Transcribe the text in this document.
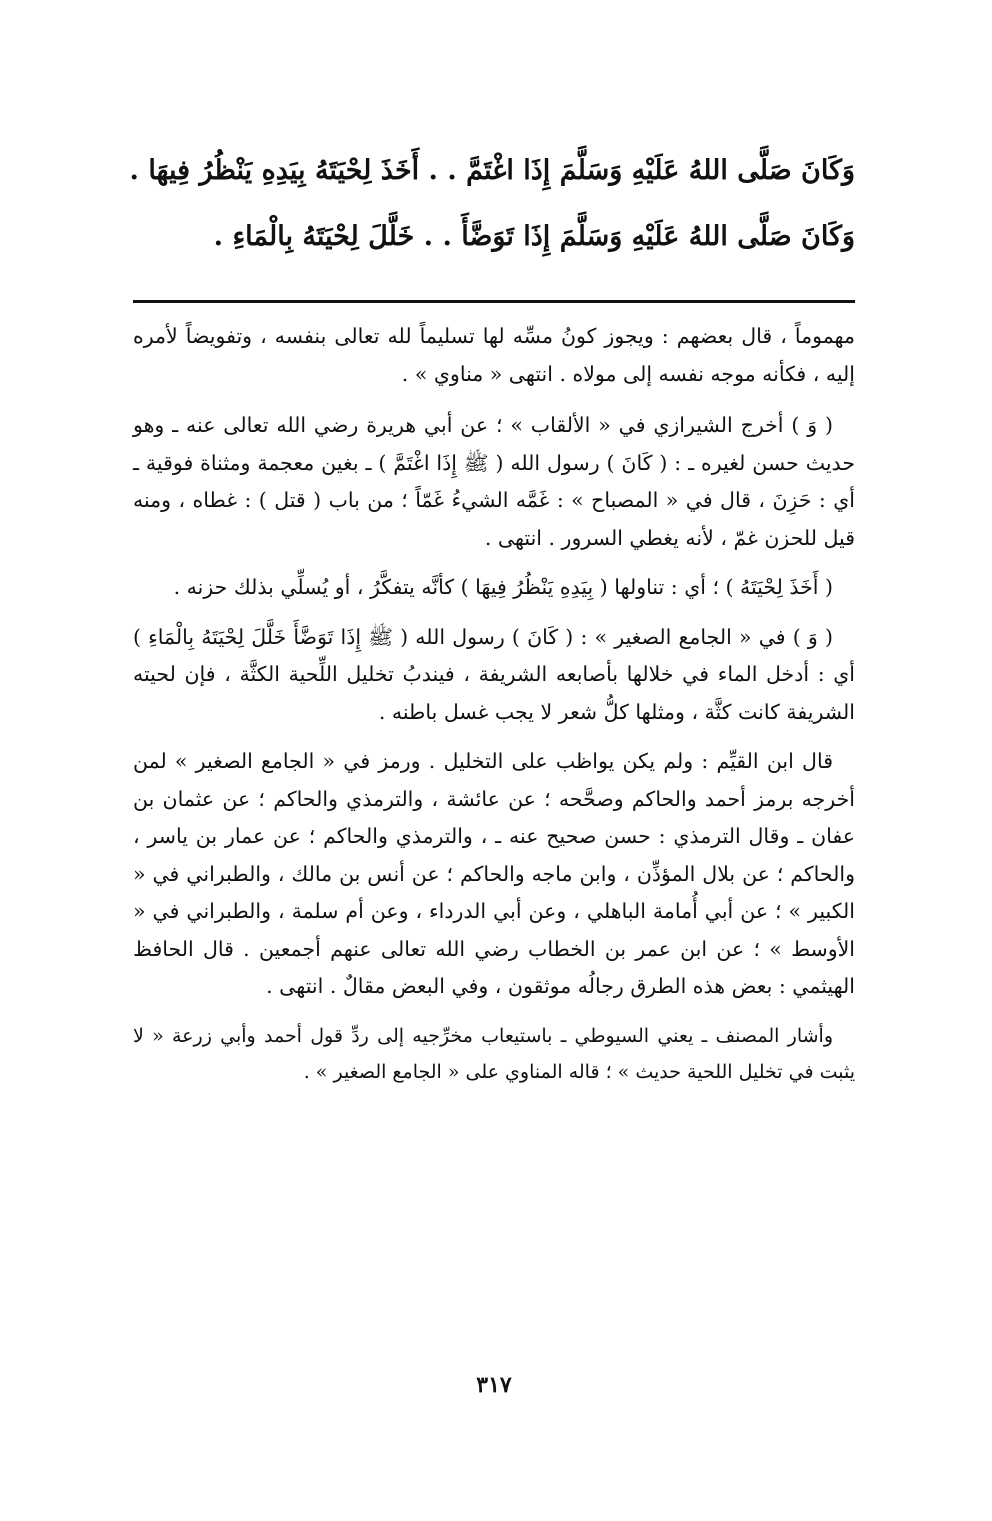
وَكَانَ صَلَّى اللهُ عَلَيْهِ وَسَلَّمَ إِذَا اغْتَمَّ . . أَخَذَ لِحْيَتَهُ بِيَدِهِ يَنْظُرُ فِيهَا .
وَكَانَ صَلَّى اللهُ عَلَيْهِ وَسَلَّمَ إِذَا تَوَضَّأَ . . خَلَّلَ لِحْيَتَهُ بِالْمَاءِ .

مهموماً ، قال بعضهم : ويجوز كونُ مسِّه لها تسليماً لله تعالى بنفسه ، وتفويضاً لأمره إليه ، فكأنه موجه نفسه إلى مولاه . انتهى « مناوي » .

( وَ ) أخرج الشيرازي في « الألقاب » ؛ عن أبي هريرة رضي الله تعالى عنه ـ وهو حديث حسن لغيره ـ : ( كَانَ ) رسول الله ( ﷺ إِذَا اغْتَمَّ ) ـ بغين معجمة ومثناة فوقية ـ أي : حَزِنَ ، قال في « المصباح » : غَمَّه الشيءُ غَمّاً ؛ من باب ( قتل ) : غطاه ، ومنه قيل للحزن غمّ ، لأنه يغطي السرور . انتهى .

( أَخَذَ لِحْيَتَهُ ) ؛ أي : تناولها ( بِيَدِهِ يَنْظُرُ فِيهَا ) كأنَّه يتفكَّرُ ، أو يُسلِّي بذلك حزنه .

( وَ ) في « الجامع الصغير » : ( كَانَ ) رسول الله ( ﷺ إِذَا تَوَضَّأَ خَلَّلَ لِحْيَتَهُ بِالْمَاءِ ) أي : أدخل الماء في خلالها بأصابعه الشريفة ، فيندبُ تخليل اللِّحية الكثَّة ، فإن لحيته الشريفة كانت كثَّة ، ومثلها كلُّ شعر لا يجب غسل باطنه .

قال ابن القيِّم : ولم يكن يواظب على التخليل . ورمز في « الجامع الصغير » لمن أخرجه برمز أحمد والحاكم وصحَّحه ؛ عن عائشة ، والترمذي والحاكم ؛ عن عثمان بن عفان ـ وقال الترمذي : حسن صحيح عنه ـ ، والترمذي والحاكم ؛ عن عمار بن ياسر ، والحاكم ؛ عن بلال المؤذِّن ، وابن ماجه والحاكم ؛ عن أنس بن مالك ، والطبراني في « الكبير » ؛ عن أبي أُمامة الباهلي ، وعن أبي الدرداء ، وعن أم سلمة ، والطبراني في « الأوسط » ؛ عن ابن عمر بن الخطاب رضي الله تعالى عنهم أجمعين . قال الحافظ الهيثمي : بعض هذه الطرق رجالُه موثقون ، وفي البعض مقالٌ . انتهى .

وأشار المصنف ـ يعني السيوطي ـ باستيعاب مخرِّجيه إلى ردِّ قول أحمد وأبي زرعة « لا يثبت في تخليل اللحية حديث » ؛ قاله المناوي على « الجامع الصغير » .

٣١٧
